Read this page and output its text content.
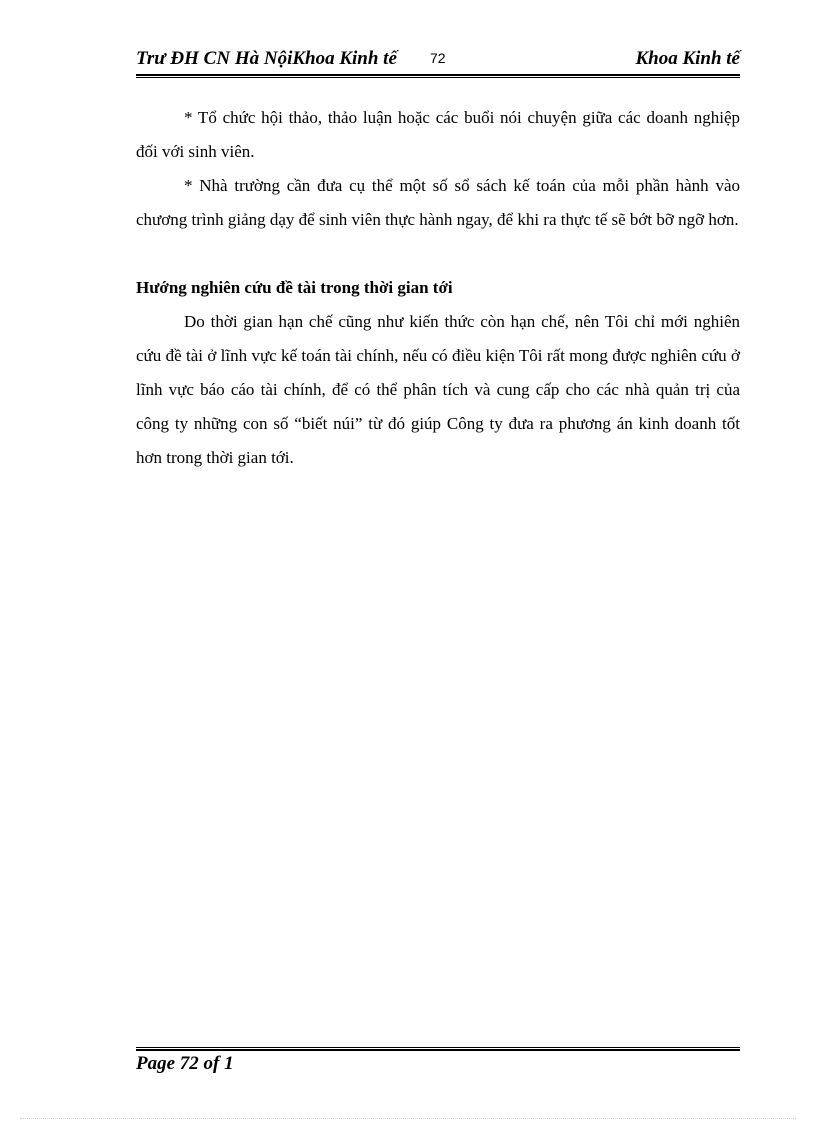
Trư ĐH CN Hà NộiKhoa Kinh tế 72	Khoa Kinh tế

* Tổ chức hội thảo, thảo luận hoặc các buổi nói chuyện giữa các doanh nghiệp đối với sinh viên.

* Nhà trường cần đưa cụ thể một số sổ sách kế toán của mỗi phần hành vào chương trình giảng dạy để sinh viên thực hành ngay, để khi ra thực tế sẽ bớt bỡ ngỡ hơn.

Hướng nghiên cứu đề tài trong thời gian tới

Do thời gian hạn chế cũng như kiến thức còn hạn chế, nên Tôi chỉ mới nghiên cứu đề tài ở lĩnh vực kế toán tài chính, nếu có điều kiện Tôi rất mong được nghiên cứu ở lĩnh vực báo cáo tài chính, để có thể phân tích và cung cấp cho các nhà quản trị của công ty những con số “biết núi” từ đó giúp Công ty đưa ra phương án kinh doanh tốt hơn trong thời gian tới.

Page 72 of 1
